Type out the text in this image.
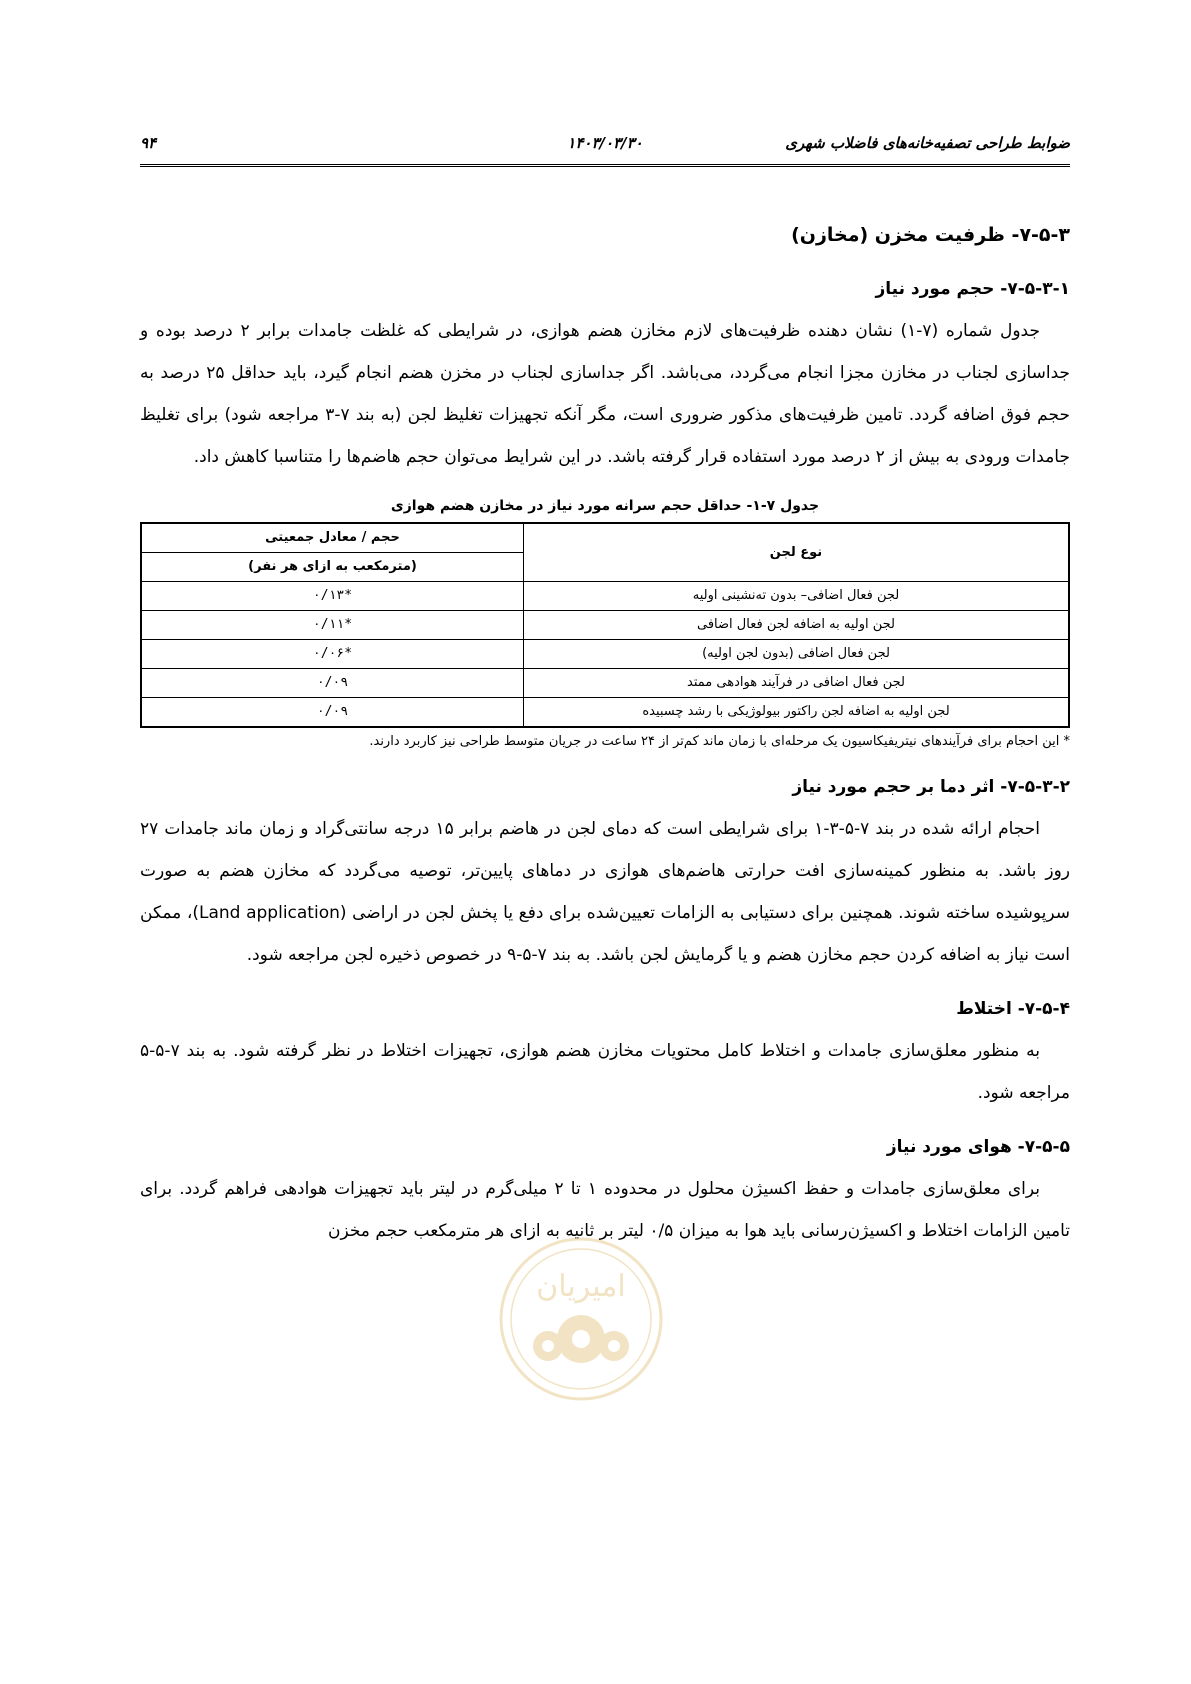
ضوابط طراحی تصفیه‌خانه‌های فاضلاب شهری
۱۴۰۳/۰۳/۳۰
۹۴

۷-۵-۳- ظرفیت مخزن (مخازن)

۷-۵-۳-۱- حجم مورد نیاز

جدول شماره (۷-۱) نشان دهنده ظرفیت‌های لازم مخازن هضم هوازی، در شرایطی که غلظت جامدات برابر ۲ درصد بوده و جداسازی لجناب در مخازن مجزا انجام می‌گردد، می‌باشد. اگر جداسازی لجناب در مخزن هضم انجام گیرد، باید حداقل ۲۵ درصد به حجم فوق اضافه گردد. تامین ظرفیت‌های مذکور ضروری است، مگر آنکه تجهیزات تغلیظ لجن (به بند ۷-۳ مراجعه شود) برای تغلیظ جامدات ورودی به بیش از ۲ درصد مورد استفاده قرار گرفته باشد. در این شرایط می‌توان حجم هاضم‌ها را متناسبا کاهش داد.

جدول ۷-۱- حداقل حجم سرانه مورد نیاز در مخازن هضم هوازی

نوع لجن	حجم / معادل جمعیتی
	(مترمکعب به ازای هر نفر)
لجن فعال اضافی– بدون ته‌نشینی اولیه	*۰/۱۳
لجن اولیه به اضافه لجن فعال اضافی	*۰/۱۱
لجن فعال اضافی (بدون لجن اولیه)	*۰/۰۶
لجن فعال اضافی در فرآیند هوادهی ممتد	۰/۰۹
لجن اولیه به اضافه لجن راکتور بیولوژیکی با رشد چسبیده	۰/۰۹

* این احجام برای فرآیندهای نیتریفیکاسیون یک مرحله‌ای با زمان ماند کم‌تر از ۲۴ ساعت در جریان متوسط طراحی نیز کاربرد دارند.

۷-۵-۳-۲- اثر دما بر حجم مورد نیاز

احجام ارائه شده در بند ۷-۵-۳-۱ برای شرایطی است که دمای لجن در هاضم برابر ۱۵ درجه سانتی‌گراد و زمان ماند جامدات ۲۷ روز باشد. به منظور کمینه‌سازی افت حرارتی هاضم‌های هوازی در دماهای پایین‌تر، توصیه می‌گردد که مخازن هضم به صورت سرپوشیده ساخته شوند. همچنین برای دستیابی به الزامات تعیین‌شده برای دفع یا پخش لجن در اراضی (Land application)، ممکن است نیاز به اضافه کردن حجم مخازن هضم و یا گرمایش لجن باشد. به بند ۷-۵-۹ در خصوص ذخیره لجن مراجعه شود.

۷-۵-۴- اختلاط

به منظور معلق‌سازی جامدات و اختلاط کامل محتویات مخازن هضم هوازی، تجهیزات اختلاط در نظر گرفته شود. به بند ۷-۵-۵ مراجعه شود.

۷-۵-۵- هوای مورد نیاز

برای معلق‌سازی جامدات و حفظ اکسیژن محلول در محدوده ۱ تا ۲ میلی‌گرم در لیتر باید تجهیزات هوادهی فراهم گردد. برای تامین الزامات اختلاط و اکسیژن‌رسانی باید هوا به میزان ۰/۵ لیتر بر ثانیه به ازای هر مترمکعب حجم مخزن

امیریان
